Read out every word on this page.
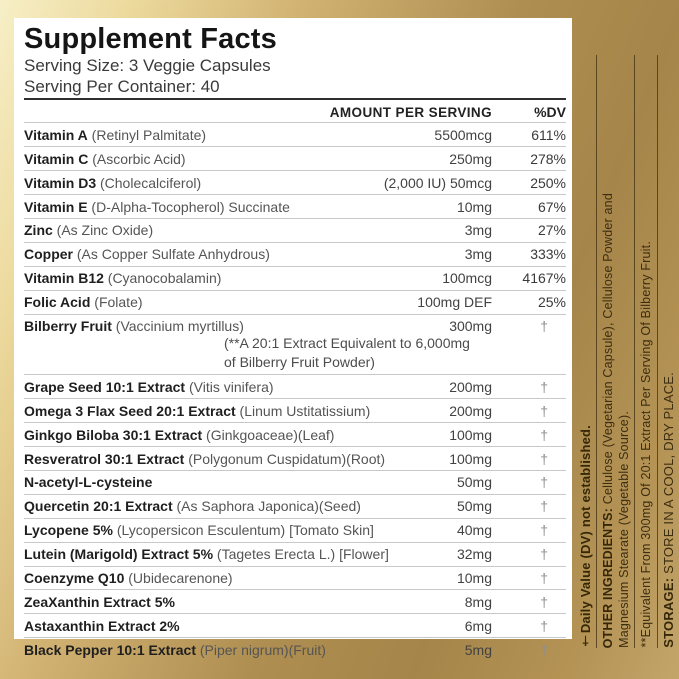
Supplement Facts
Serving Size: 3 Veggie Capsules
Serving Per Container: 40
AMOUNT PER SERVING	%DV
Vitamin A (Retinyl Palmitate)	5500mcg	611%
Vitamin C (Ascorbic Acid)	250mg	278%
Vitamin D3 (Cholecalciferol)	(2,000 IU) 50mcg	250%
Vitamin E (D-Alpha-Tocopherol) Succinate	10mg	67%
Zinc (As Zinc Oxide)	3mg	27%
Copper (As Copper Sulfate Anhydrous)	3mg	333%
Vitamin B12 (Cyanocobalamin)	100mcg	4167%
Folic Acid (Folate)	100mg DEF	25%
Bilberry Fruit (Vaccinium myrtillus)	300mg	†
(**A 20:1 Extract Equivalent to 6,000mg
of Bilberry Fruit Powder)
Grape Seed 10:1 Extract (Vitis vinifera)	200mg	†
Omega 3 Flax Seed 20:1 Extract (Linum Ustitatissium)	200mg	†
Ginkgo Biloba 30:1 Extract (Ginkgoaceae)(Leaf)	100mg	†
Resveratrol 30:1 Extract (Polygonum Cuspidatum)(Root)	100mg	†
N-acetyl-L-cysteine	50mg	†
Quercetin 20:1 Extract (As Saphora Japonica)(Seed)	50mg	†
Lycopene 5% (Lycopersicon Esculentum) [Tomato Skin]	40mg	†
Lutein (Marigold) Extract 5% (Tagetes Erecta L.) [Flower]	32mg	†
Coenzyme Q10 (Ubidecarenone)	10mg	†
ZeaXanthin Extract 5%	8mg	†
Astaxanthin Extract 2%	6mg	†
Black Pepper 10:1 Extract (Piper nigrum)(Fruit)	5mg	†
†Daily Value (DV) not established. OTHER INGREDIENTS: Cellulose (Vegetarian Capsule), Cellulose Powder and
Magnesium Stearate (Vegetable Source). **Equivalent From 300mg Of 20:1 Extract Per Serving Of Bilberry Fruit. STORAGE: STORE IN A COOL, DRY PLACE.
